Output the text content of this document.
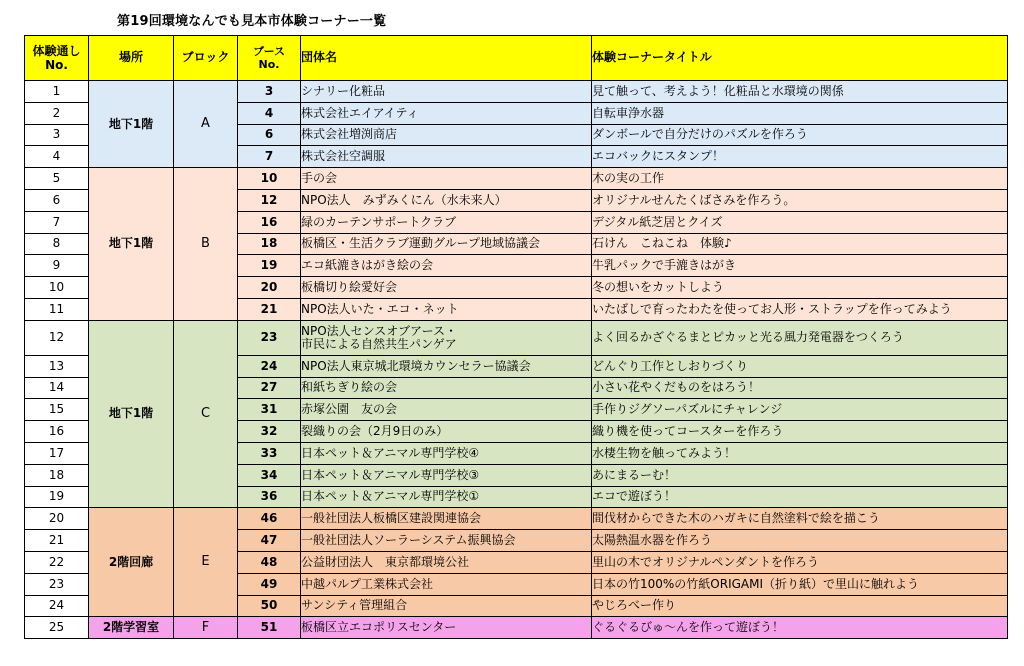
第19回環境なんでも見本市体験コーナー一覧
体験通し
No.	場所	ブロック	ブース
No.	団体名	体験コーナータイトル
1	地下1階	A	3	シナリー化粧品	見て触って、考えよう！化粧品と水環境の関係
2			4	株式会社エイアイティ	自転車浄水器
3			6	株式会社増渕商店	ダンボールで自分だけのパズルを作ろう
4			7	株式会社空調服	エコバックにスタンプ！
5	地下1階	B	10	手の会	木の実の工作
6			12	NPO法人　みずみくにん（水未来人）	オリジナルせんたくばさみを作ろう。
7			16	緑のカーテンサポートクラブ	デジタル紙芝居とクイズ
8			18	板橋区・生活クラブ運動グループ地域協議会	石けん　こねこね　体験♪
9			19	エコ紙漉きはがき絵の会	牛乳パックで手漉きはがき
10			20	板橋切り絵愛好会	冬の想いをカットしよう
11			21	NPO法人いた・エコ・ネット	いたばしで育ったわたを使ってお人形・ストラップを作ってみよう
12	地下1階	C	23	NPO法人センスオブアース・
市民による自然共生パンゲア	よく回るかざぐるまとピカッと光る風力発電器をつくろう
13			24	NPO法人東京城北環境カウンセラー協議会	どんぐり工作としおりづくり
14			27	和紙ちぎり絵の会	小さい花やくだものをはろう！
15			31	赤塚公園　友の会	手作りジグソーパズルにチャレンジ
16			32	裂織りの会（2月9日のみ）	織り機を使ってコースターを作ろう
17			33	日本ペット＆アニマル専門学校④	水棲生物を触ってみよう！
18			34	日本ペット＆アニマル専門学校③	あにまるーむ！
19			36	日本ペット＆アニマル専門学校①	エコで遊ぼう！
20	2階回廊	E	46	一般社団法人板橋区建設関連協会	間伐材からできた木のハガキに自然塗料で絵を描こう
21			47	一般社団法人ソーラーシステム振興協会	太陽熱温水器を作ろう
22			48	公益財団法人　東京都環境公社	里山の木でオリジナルペンダントを作ろう
23			49	中越パルプ工業株式会社	日本の竹100%の竹紙ORIGAMI（折り紙）で里山に触れよう
24			50	サンシティ管理組合	やじろべー作り
25	2階学習室	F	51	板橋区立エコポリスセンター	ぐるぐるびゅ～んを作って遊ぼう！
